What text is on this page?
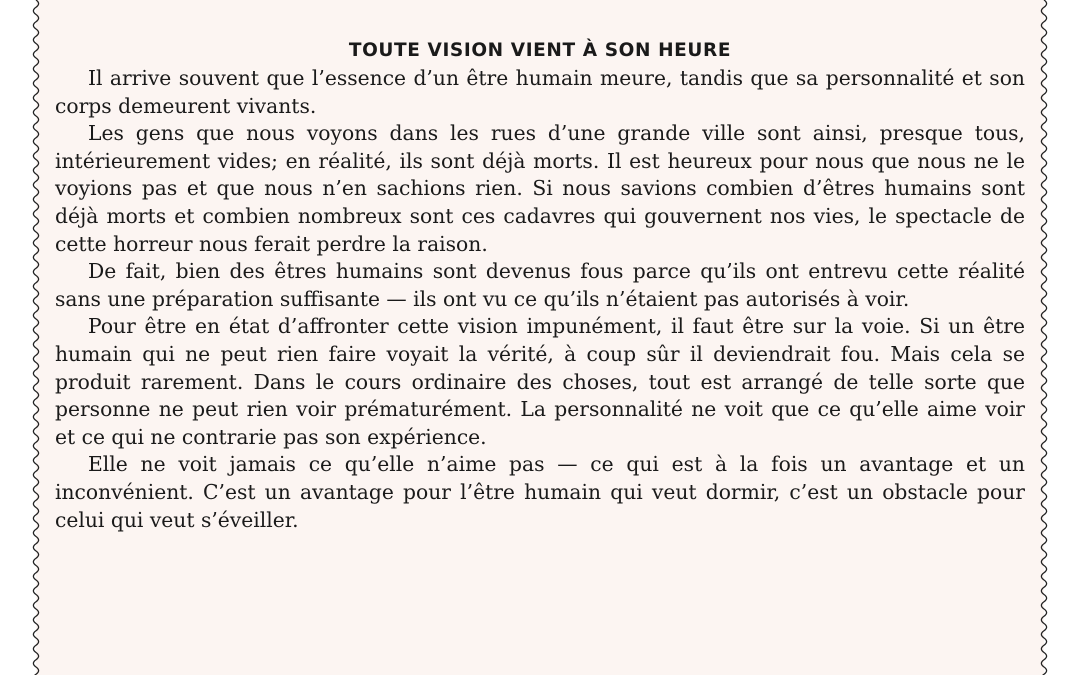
TOUTE VISION VIENT À SON HEURE

Il arrive souvent que l’essence d’un être humain meure, tandis que sa personnalité et son corps demeurent vivants.

Les gens que nous voyons dans les rues d’une grande ville sont ainsi, presque tous, intérieurement vides; en réalité, ils sont déjà morts. Il est heureux pour nous que nous ne le voyions pas et que nous n’en sachions rien. Si nous savions combien d’êtres humains sont déjà morts et combien nombreux sont ces cadavres qui gouvernent nos vies, le spectacle de cette horreur nous ferait perdre la raison.

De fait, bien des êtres humains sont devenus fous parce qu’ils ont entrevu cette réalité sans une préparation suffisante — ils ont vu ce qu’ils n’étaient pas autorisés à voir.

Pour être en état d’affronter cette vision impunément, il faut être sur la voie. Si un être humain qui ne peut rien faire voyait la vérité, à coup sûr il deviendrait fou. Mais cela se produit rarement. Dans le cours ordinaire des choses, tout est arrangé de telle sorte que personne ne peut rien voir prématurément. La personnalité ne voit que ce qu’elle aime voir et ce qui ne contrarie pas son expérience.

Elle ne voit jamais ce qu’elle n’aime pas — ce qui est à la fois un avantage et un inconvénient. C’est un avantage pour l’être humain qui veut dormir, c’est un obstacle pour celui qui veut s’éveiller.
